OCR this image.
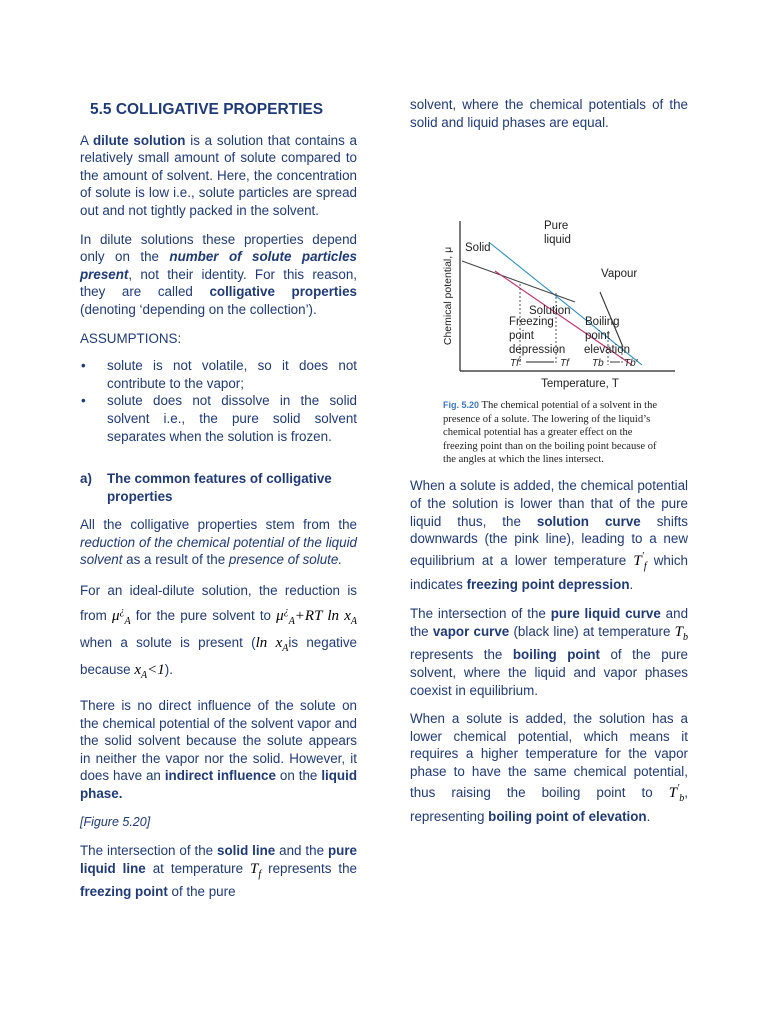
5.5 COLLIGATIVE PROPERTIES

A dilute solution is a solution that contains a relatively small amount of solute compared to the amount of solvent. Here, the concentration of solute is low i.e., solute particles are spread out and not tightly packed in the solvent.

In dilute solutions these properties depend only on the number of solute particles present, not their identity. For this reason, they are called colligative properties (denoting ‘depending on the collection’).

ASSUMPTIONS:

• solute is not volatile, so it does not contribute to the vapor;
• solute does not dissolve in the solid solvent i.e., the pure solid solvent separates when the solution is frozen.
a)	The common features of colligative properties

All the colligative properties stem from the reduction of the chemical potential of the liquid solvent as a result of the presence of solute.

For an ideal-dilute solution, the reduction is from $\mu^¿_A$ for the pure solvent to $\mu^¿_A+RT$ $\ln x_A$ when a solute is present (ln $x_Ais$ negative because $x_A<1$).

There is no direct influence of the solute on the chemical potential of the solvent vapor and the solid solvent because the solute appears in neither the vapor nor the solid. However, it does have an indirect influence on the liquid phase.

[Figure 5.20]

The intersection of the solid line and the pure liquid line at temperature $T_f$ represents the freezing point of the pure

solvent, where the chemical potentials of the solid and liquid phases are equal.

Pure
liquid
Solid
Vapour
Solution
Freezing
Chemical potential, μ	point
depression
Boiling
point
elevation
Tf′	Tf Tb Tb′
Temperature, T
Fig. 5.20 The chemical potential of a solvent in the presence of a solute. The lowering of the liquid’s chemical potential has a greater effect on the freezing point than on the boiling point because of the angles at which the lines intersect.

When a solute is added, the chemical potential of the solution is lower than that of the pure liquid thus, the solution curve shifts downwards (the pink line), leading to a new equilibrium at a lower temperature $T'_f$ which indicates freezing point depression.

The intersection of the pure liquid curve and the vapor curve (black line) at temperature $T_b$ represents the boiling point of the pure solvent, where the liquid and vapor phases coexist in equilibrium.

When a solute is added, the solution has a lower chemical potential, which means it requires a higher temperature for the vapor phase to have the same chemical potential, thus raising the boiling point to $T'_b$, representing boiling point of elevation.
